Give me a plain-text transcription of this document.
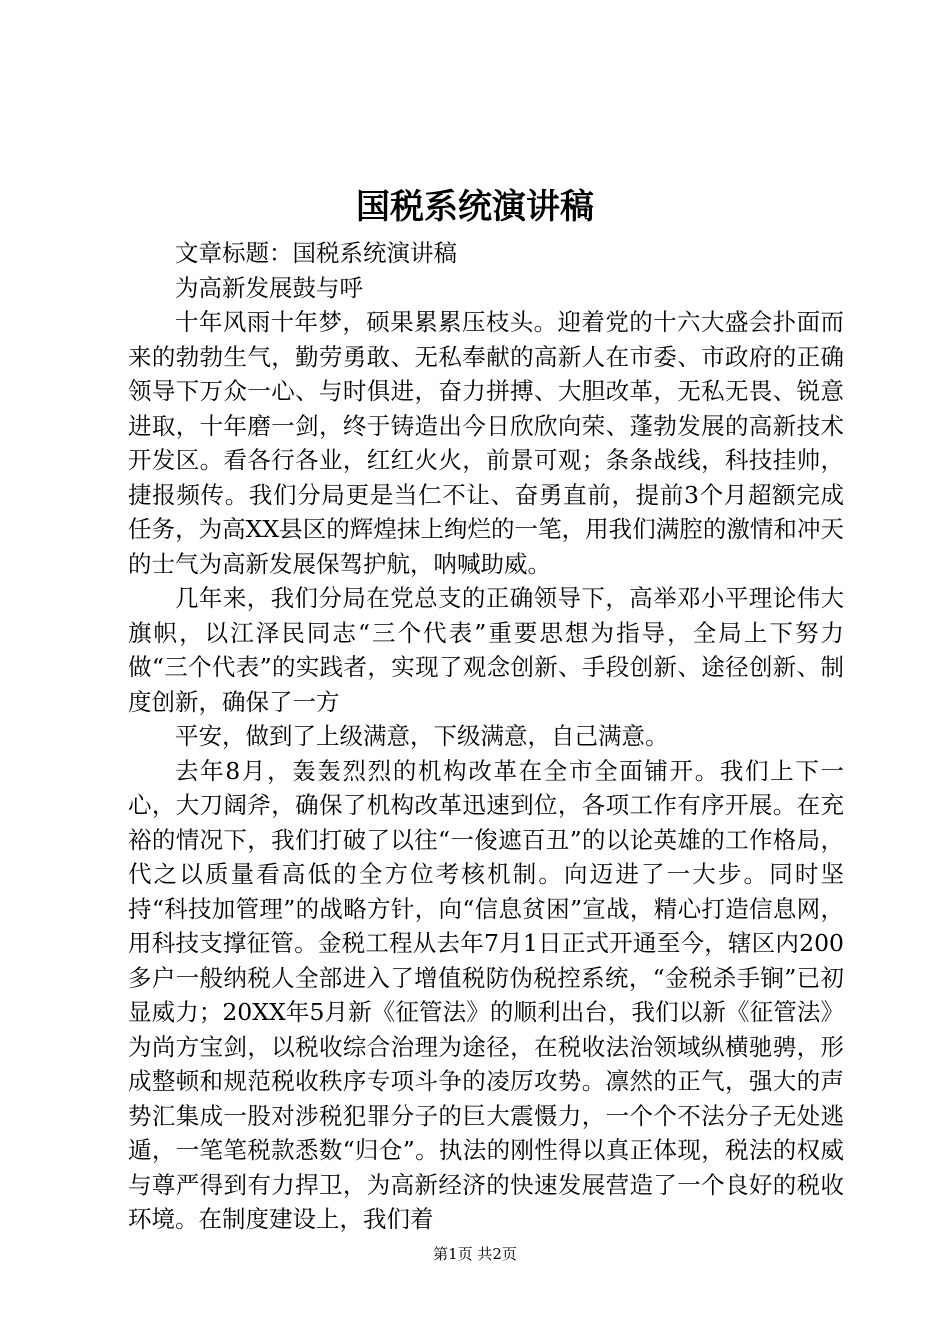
国税系统演讲稿

文章标题：国税系统演讲稿

为高新发展鼓与呼

十年风雨十年梦，硕果累累压枝头。迎着党的十六大盛会扑面而来的勃勃生气，勤劳勇敢、无私奉献的高新人在市委、市政府的正确领导下万众一心、与时俱进，奋力拼搏、大胆改革，无私无畏、锐意进取，十年磨一剑，终于铸造出今日欣欣向荣、蓬勃发展的高新技术开发区。看各行各业，红红火火，前景可观；条条战线，科技挂帅，捷报频传。我们分局更是当仁不让、奋勇直前，提前3个月超额完成任务，为高XX县区的辉煌抹上绚烂的一笔，用我们满腔的激情和冲天的士气为高新发展保驾护航，呐喊助威。

几年来，我们分局在党总支的正确领导下，高举邓小平理论伟大旗帜，以江泽民同志“三个代表”重要思想为指导，全局上下努力做“三个代表”的实践者，实现了观念创新、手段创新、途径创新、制度创新，确保了一方

平安，做到了上级满意，下级满意，自己满意。

去年8月，轰轰烈烈的机构改革在全市全面铺开。我们上下一心，大刀阔斧，确保了机构改革迅速到位，各项工作有序开展。在充裕的情况下，我们打破了以往“一俊遮百丑”的以论英雄的工作格局，代之以质量看高低的全方位考核机制。向迈进了一大步。同时坚持“科技加管理”的战略方针，向“信息贫困”宣战，精心打造信息网，用科技支撑征管。金税工程从去年7月1日正式开通至今，辖区内200多户一般纳税人全部进入了增值税防伪税控系统，“金税杀手锏”已初显威力；20XX年5月新《征管法》的顺利出台，我们以新《征管法》为尚方宝剑，以税收综合治理为途径，在税收法治领域纵横驰骋，形成整顿和规范税收秩序专项斗争的凌厉攻势。凛然的正气，强大的声势汇集成一股对涉税犯罪分子的巨大震慑力，一个个不法分子无处逃遁，一笔笔税款悉数“归仓”。执法的刚性得以真正体现，税法的权威与尊严得到有力捍卫，为高新经济的快速发展营造了一个良好的税收环境。在制度建设上，我们着

第1页 共2页
